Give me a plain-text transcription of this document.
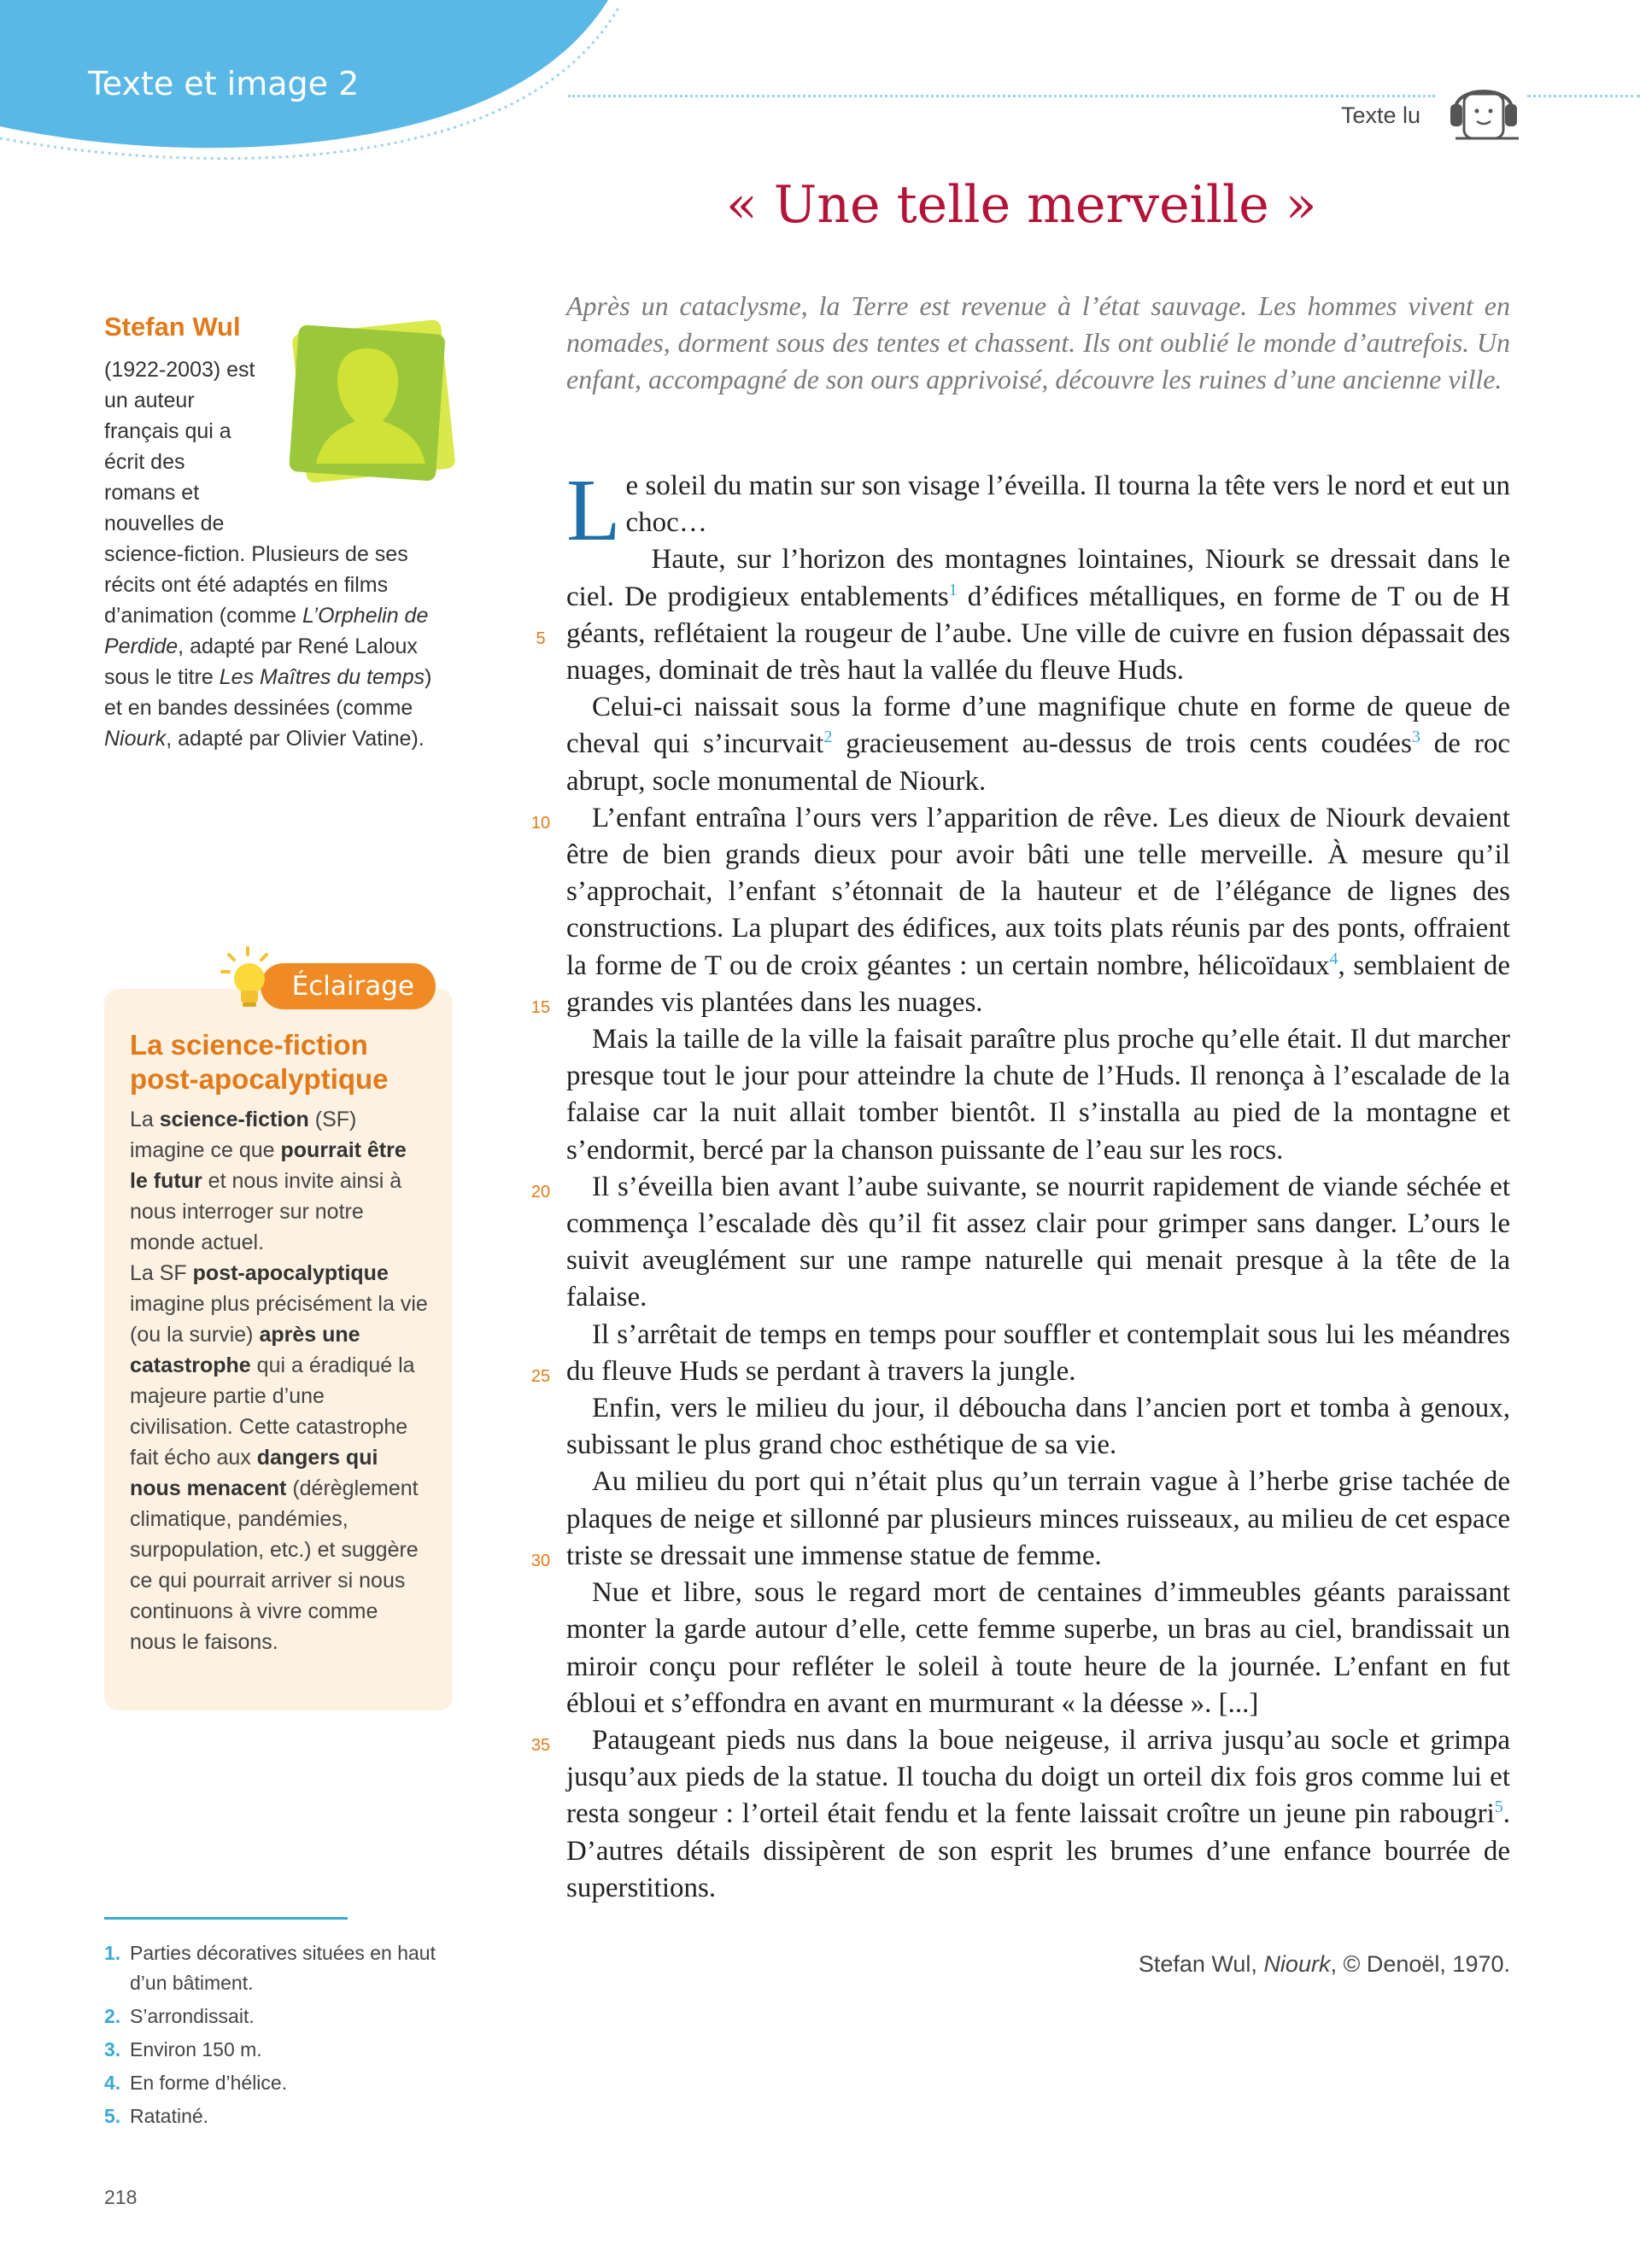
Texte et image 2
Texte lu
« Une telle merveille »
Stefan Wul

(1922-2003) est un auteur français qui a écrit des romans et nouvelles de science-fiction. Plusieurs de ses récits ont été adaptés en films d’animation (comme L’Orphelin de Perdide, adapté par René Laloux sous le titre Les Maîtres du temps) et en bandes dessinées (comme Niourk, adapté par Olivier Vatine).

Après un cataclysme, la Terre est revenue à l’état sauvage. Les hommes vivent en nomades, dorment sous des tentes et chassent. Ils ont oublié le monde d’autrefois. Un enfant, accompagné de son ours apprivoisé, découvre les ruines d’une ancienne ville.

Le soleil du matin sur son visage l’éveilla. Il tourna la tête vers le nord et eut un choc…

Haute, sur l’horizon des montagnes lointaines, Niourk se dressait dans le ciel. De prodigieux entablements$^1$ d’édifices métalliques, en forme de T ou de H géants, reflétaient la rougeur de l’aube. Une ville de cuivre en fusion dépassait des nuages, dominait de très haut la vallée du fleuve Huds.

Celui-ci naissait sous la forme d’une magnifique chute en forme de queue de cheval qui s’incurvait$^2$ gracieusement au-dessus de trois cents coudées$^3$ de roc abrupt, socle monumental de Niourk.

L’enfant entraîna l’ours vers l’apparition de rêve. Les dieux de Niourk devaient être de bien grands dieux pour avoir bâti une telle merveille. À mesure qu’il s’approchait, l’enfant s’étonnait de la hauteur et de l’élégance de lignes des constructions. La plupart des édifices, aux toits plats réunis par des ponts, offraient la forme de T ou de croix géantes : un certain nombre, hélicoïdaux$^4$, semblaient de grandes vis plantées dans les nuages.

Mais la taille de la ville la faisait paraître plus proche qu’elle était. Il dut marcher presque tout le jour pour atteindre la chute de l’Huds. Il renonça à l’escalade de la falaise car la nuit allait tomber bientôt. Il s’installa au pied de la montagne et s’endormit, bercé par la chanson puissante de l’eau sur les rocs.

Il s’éveilla bien avant l’aube suivante, se nourrit rapidement de viande séchée et commença l’escalade dès qu’il fit assez clair pour grimper sans danger. L’ours le suivit aveuglément sur une rampe naturelle qui menait presque à la tête de la falaise.

Il s’arrêtait de temps en temps pour souffler et contemplait sous lui les méandres du fleuve Huds se perdant à travers la jungle.

Enfin, vers le milieu du jour, il déboucha dans l’ancien port et tomba à genoux, subissant le plus grand choc esthétique de sa vie.

Au milieu du port qui n’était plus qu’un terrain vague à l’herbe grise tachée de plaques de neige et sillonné par plusieurs minces ruisseaux, au milieu de cet espace triste se dressait une immense statue de femme.

Nue et libre, sous le regard mort de centaines d’immeubles géants paraissant monter la garde autour d’elle, cette femme superbe, un bras au ciel, brandissait un miroir conçu pour refléter le soleil à toute heure de la journée. L’enfant en fut ébloui et s’effondra en avant en murmurant « la déesse ». [...]

Pataugeant pieds nus dans la boue neigeuse, il arriva jusqu’au socle et grimpa jusqu’aux pieds de la statue. Il toucha du doigt un orteil dix fois gros comme lui et resta songeur : l’orteil était fendu et la fente laissait croître un jeune pin rabougri$^5$. D’autres détails dissipèrent de son esprit les brumes d’une enfance bourrée de superstitions.

5
10
15
20
25
30
35
Éclairage
La science-fiction post-apocalyptique

La science-fiction (SF) imagine ce que pourrait être le futur et nous invite ainsi à nous interroger sur notre monde actuel.
La SF post-apocalyptique imagine plus précisément la vie (ou la survie) après une catastrophe qui a éradiqué la majeure partie d’une civilisation. Cette catastrophe fait écho aux dangers qui nous menacent (dérèglement climatique, pandémies, surpopulation, etc.) et suggère ce qui pourrait arriver si nous continuons à vivre comme nous le faisons.

1. Parties décoratives situées en haut d’un bâtiment.
2. S’arrondissait.
3. Environ 150 m.
4. En forme d’hélice.
5. Ratatiné.
Stefan Wul, Niourk, © Denoël, 1970.
218
